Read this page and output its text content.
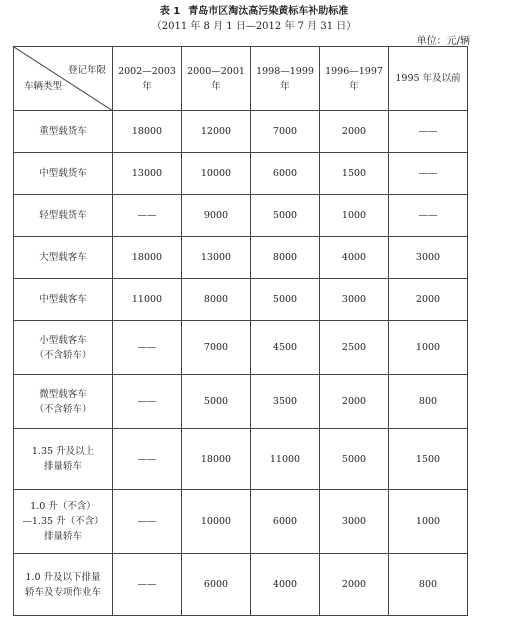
表 1 青岛市区淘汰高污染黄标车补助标准
（2011 年 8 月 1 日—2012 年 7 月 31 日）
单位：元/辆
登记年限
车辆类型	2002—2003 年	2000—2001 年	1998—1999 年	1996—1997 年	1995 年及以前

重型载货车	18000	12000	7000	2000	——

中型载货车	13000	10000	6000	1500	——

轻型载货车	——	9000	5000	1000	——

大型载客车	18000	13000	8000	4000	3000

中型载客车	11000	8000	5000	3000	2000

小型载客车
（不含轿车）	——	7000	4500	2500	1000

微型载客车
（不含轿车）	——	5000	3500	2000	800

1.35 升及以上
排量轿车	——	18000	11000	5000	1500

1.0 升（不含）
—1.35 升（不含）
排量轿车	——	10000	6000	3000	1000

1.0 升及以下排量
轿车及专项作业车	——	6000	4000	2000	800
